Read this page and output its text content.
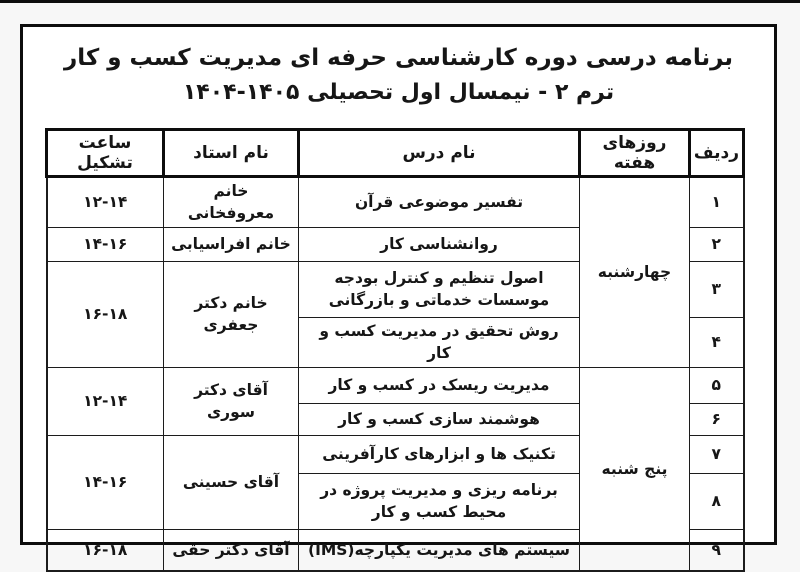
برنامه درسی دوره کارشناسی حرفه ای مدیریت کسب و کار
ترم ۲ - نیمسال اول تحصیلی ۱۴۰۵-۱۴۰۴
ردیف	روزهای هفته	نام درس	نام استاد	ساعت تشکیل
۱	چهارشنبه	تفسیر موضوعی قرآن	خانم معروفخانی	۱۲-۱۴
۲		روانشناسی کار	خانم افراسیابی	۱۴-۱۶
۳		اصول تنظیم و کنترل بودجه موسسات خدماتی و بازرگانی	خانم دکتر جعفری	۱۶-۱۸
۴		روش تحقیق در مدیریت کسب و کار		
۵	پنج شنبه	مدیریت ریسک در کسب و کار	آقای دکتر سوری	۱۲-۱۴
۶		هوشمند سازی کسب و کار		
۷		تکنیک ها و ابزارهای کارآفرینی	آقای حسینی	۱۴-۱۶
۸		برنامه ریزی و مدیریت پروژه در محیط کسب و کار		
۹		سیستم های مدیریت یکپارچه(IMS)	آقای دکتر حقی	۱۶-۱۸
